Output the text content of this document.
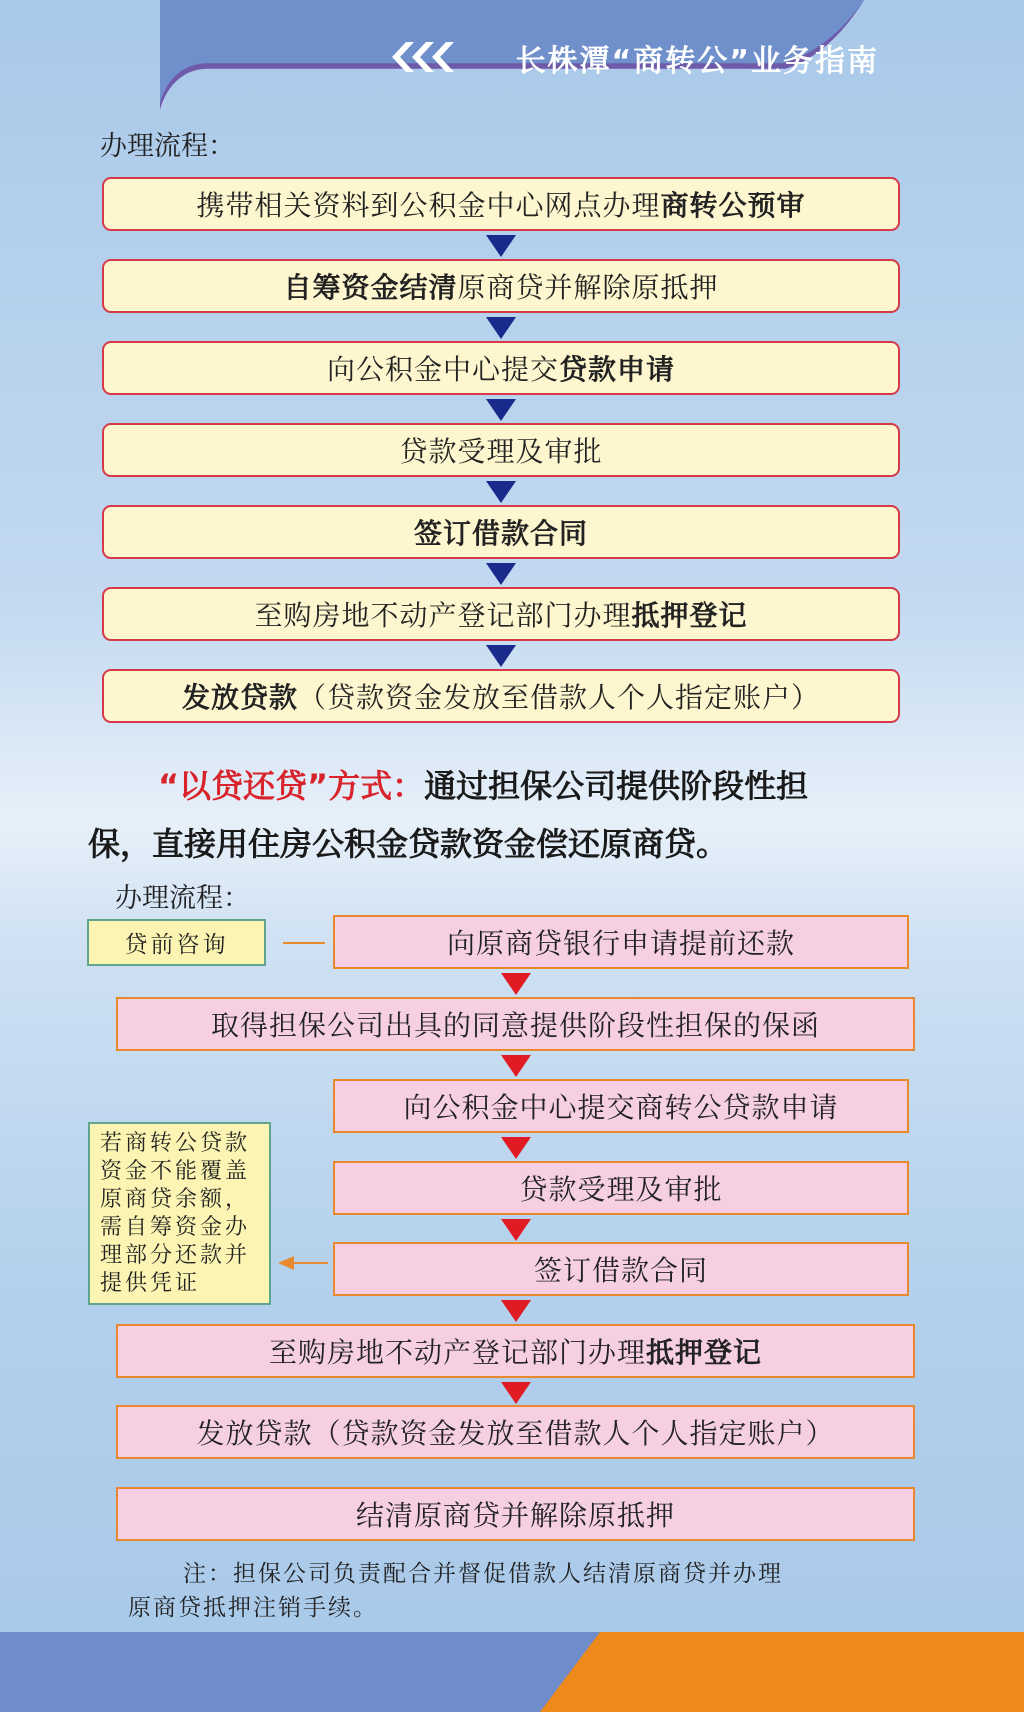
长株潭“商转公”业务指南
办理流程：
携带相关资料到公积金中心网点办理 商转公预审
自筹资金结清 原商贷并解除原抵押
向公积金中心提交 贷款申请
贷款受理及审批
签订借款合同
至购房地不动产登记部门办理 抵押登记
发放贷款 （贷款资金发放至借款人个人指定账户）
“以贷还贷”方式：通过担保公司提供阶段性担
保，直接用住房公积金贷款资金偿还原商贷。
办理流程：
贷前咨询	向原商贷银行申请提前还款
取得担保公司出具的同意提供阶段性担保的保函
向公积金中心提交商转公贷款申请
贷款受理及审批
签订借款合同
至购房地不动产登记部门办理 抵押登记
发放贷款（贷款资金发放至借款人个人指定账户）
结清原商贷并解除原抵押
若商转公贷款
资金不能覆盖
原商贷余额，
需自筹资金办
理部分还款并
提供凭证
注：担保公司负责配合并督促借款人结清原商贷并办理
原商贷抵押注销手续。
